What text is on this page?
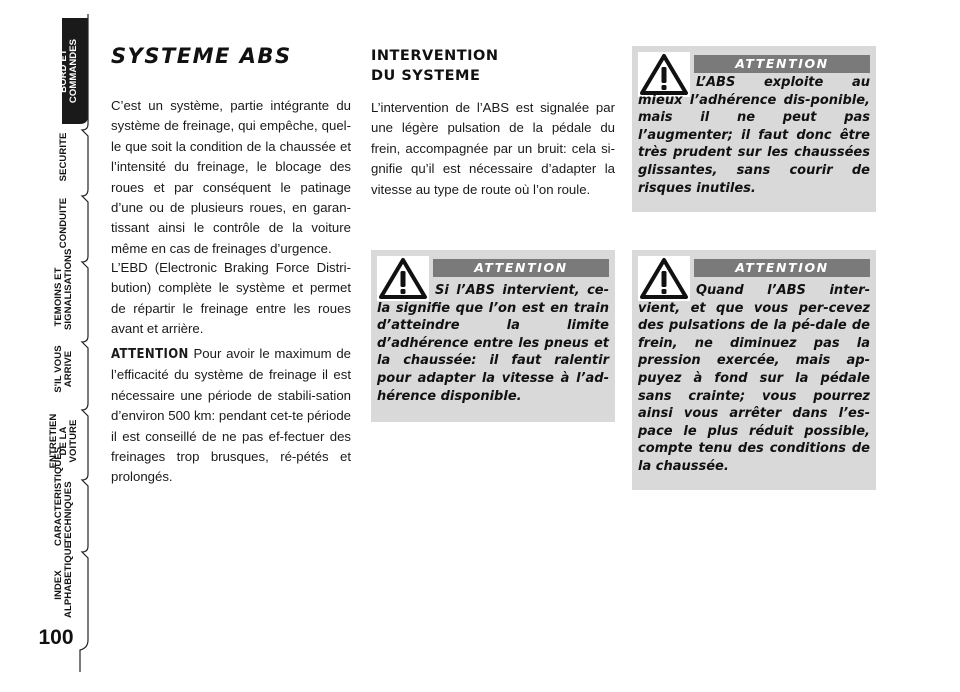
PLANCHE DE
BORD ET
COMMANDES
SECURITE
CONDUITE
TEMOINS ET
SIGNALISATIONS
S'IL VOUS
ARRIVE
ENTRETIEN
DE LA VOITURE
CARACTERISTIQUES
TECHNIQUES
INDEX
ALPHABETIQUE
100
SYSTEME ABS

C’est un système, partie intégrante du système de freinage, qui empêche, quel-le que soit la condition de la chaussée et l’intensité du freinage, le blocage des roues et par conséquent le patinage d’une ou de plusieurs roues, en garan-tissant ainsi le contrôle de la voiture même en cas de freinages d’urgence.

L’EBD (Electronic Braking Force Distri-bution) complète le système et permet de répartir le freinage entre les roues avant et arrière.

ATTENTION Pour avoir le maximum de l’efficacité du système de freinage il est nécessaire une période de stabili-sation d’environ 500 km: pendant cet-te période il est conseillé de ne pas ef-fectuer des freinages trop brusques, ré-pétés et prolongés.

INTERVENTION
DU SYSTEME

L’intervention de l’ABS est signalée par une légère pulsation de la pédale du frein, accompagnée par un bruit: cela si-gnifie qu’il est nécessaire d’adapter la vitesse au type de route où l’on roule.

ATTENTION

L’ABS exploite au mieux l’adhérence dis-ponible, mais il ne peut pas l’augmenter; il faut donc être très prudent sur les chaussées glissantes, sans courir de risques inutiles.

ATTENTION

Si l’ABS intervient, ce-la signifie que l’on est en train d’atteindre la limite d’adhérence entre les pneus et la chaussée: il faut ralentir pour adapter la vitesse à l’ad-hérence disponible.

ATTENTION

Quand l’ABS inter-vient, et que vous per-cevez des pulsations de la pé-dale de frein, ne diminuez pas la pression exercée, mais ap-puyez à fond sur la pédale sans crainte; vous pourrez ainsi vous arrêter dans l’es-pace le plus réduit possible, compte tenu des conditions de la chaussée.
